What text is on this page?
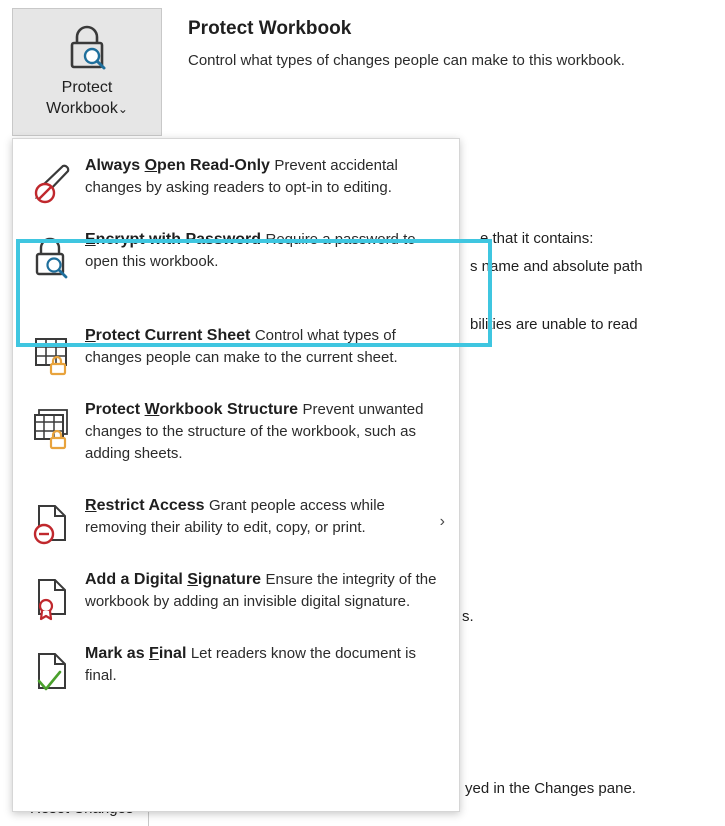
e that it contains:
s name and absolute path
bilities are unable to read
s.
yed in the Changes pane.
Protect
Workbook⌄
Protect Workbook
Control what types of changes people can make to this workbook.
Always Open Read-Only Prevent accidental changes by asking readers to opt-in to editing.
Encrypt with Password Require a password to open this workbook.
Protect Current Sheet Control what types of changes people can make to the current sheet.
Protect Workbook Structure Prevent unwanted changes to the structure of the workbook, such as adding sheets.
Restrict Access Grant people access while removing their ability to edit, copy, or print.	›
Add a Digital Signature Ensure the integrity of the workbook by adding an invisible digital signature.
Mark as Final Let readers know the document is final.
